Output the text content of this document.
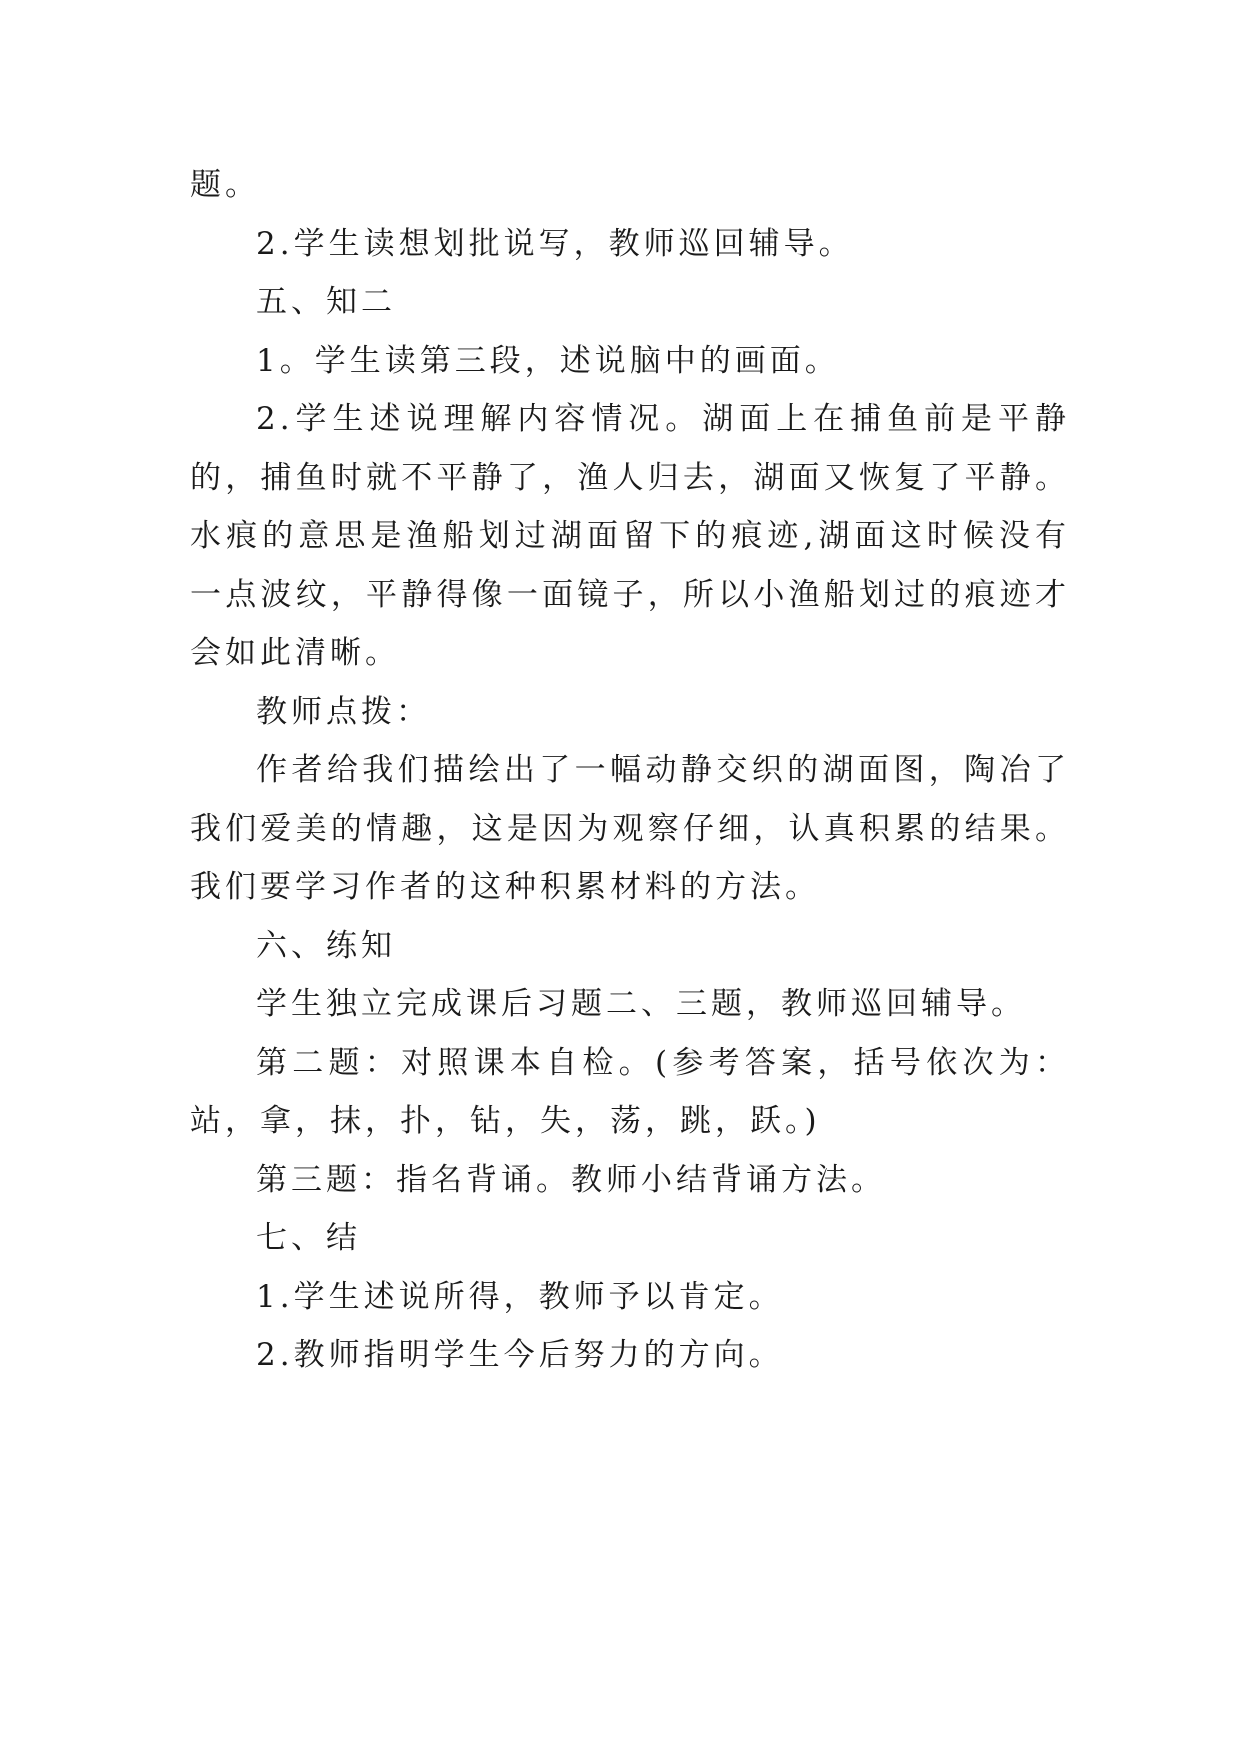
题。

2.学生读想划批说写，教师巡回辅导。

五、知二

1。学生读第三段，述说脑中的画面。

2.学生述说理解内容情况。湖面上在捕鱼前是平静的，捕鱼时就不平静了，渔人归去，湖面又恢复了平静。水痕的意思是渔船划过湖面留下的痕迹,湖面这时候没有一点波纹，平静得像一面镜子，所以小渔船划过的痕迹才会如此清晰。

教师点拨：

作者给我们描绘出了一幅动静交织的湖面图，陶冶了我们爱美的情趣，这是因为观察仔细，认真积累的结果。我们要学习作者的这种积累材料的方法。

六、练知

学生独立完成课后习题二、三题，教师巡回辅导。

第二题：对照课本自检。(参考答案，括号依次为：站，拿，抹，扑，钻，失，荡，跳，跃。)

第三题：指名背诵。教师小结背诵方法。

七、结

1.学生述说所得，教师予以肯定。

2.教师指明学生今后努力的方向。
